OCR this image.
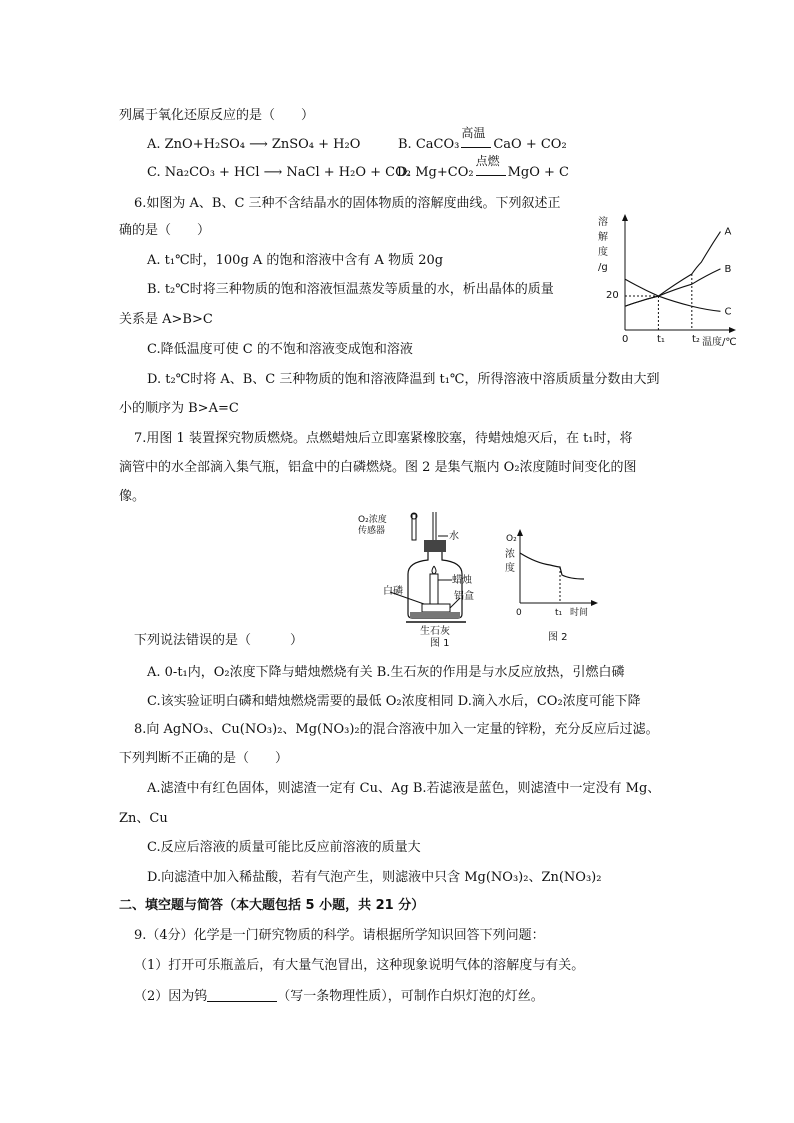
列属于氧化还原反应的是（　　）
A. ZnO+H₂SO₄ ⟶ ZnSO₄ + H₂O	B. CaCO₃
高温
CaO + CO₂
C. Na₂CO₃ + HCl ⟶ NaCl + H₂O + CO₂
D. Mg+CO₂
点燃
MgO + C
6.如图为 A、B、C 三种不含结晶水的固体物质的溶解度曲线。下列叙述正
确的是（　　）
A. t₁℃时，100g A 的饱和溶液中含有 A 物质 20g
B. t₂℃时将三种物质的饱和溶液恒温蒸发等质量的水，析出晶体的质量
关系是 A>B>C
C.降低温度可使 C 的不饱和溶液变成饱和溶液
D. t₂℃时将 A、B、C 三种物质的饱和溶液降温到 t₁℃，所得溶液中溶质质量分数由大到
小的顺序为 B>A=C
溶
解
度
/g
A
B
C
0
20
t₁	t₂ 温度/℃
7.用图 1 装置探究物质燃烧。点燃蜡烛后立即塞紧橡胶塞，待蜡烛熄灭后，在 t₁时，将
滴管中的水全部滴入集气瓶，铝盒中的白磷燃烧。图 2 是集气瓶内 O₂浓度随时间变化的图
像。
O₂浓度
传感器	水
蜡烛
白磷	铝盒
生石灰
图 1
O₂
浓
度
0	t₁ 时间
图 2
下列说法错误的是（　　　）
A. 0-t₁内，O₂浓度下降与蜡烛燃烧有关 B.生石灰的作用是与水反应放热，引燃白磷
C.该实验证明白磷和蜡烛燃烧需要的最低 O₂浓度相同 D.滴入水后，CO₂浓度可能下降
8.向 AgNO₃、Cu(NO₃)₂、Mg(NO₃)₂的混合溶液中加入一定量的锌粉，充分反应后过滤。
下列判断不正确的是（　　）
A.滤渣中有红色固体，则滤渣一定有 Cu、Ag B.若滤液是蓝色，则滤渣中一定没有 Mg、
Zn、Cu
C.反应后溶液的质量可能比反应前溶液的质量大
D.向滤渣中加入稀盐酸，若有气泡产生，则滤液中只含 Mg(NO₃)₂、Zn(NO₃)₂
二、填空题与简答（本大题包括 5 小题，共 21 分）
9.（4分）化学是一门研究物质的科学。请根据所学知识回答下列问题：
（1）打开可乐瓶盖后，有大量气泡冒出，这种现象说明气体的溶解度与有关。
（2）因为钨	（写一条物理性质），可制作白炽灯泡的灯丝。
